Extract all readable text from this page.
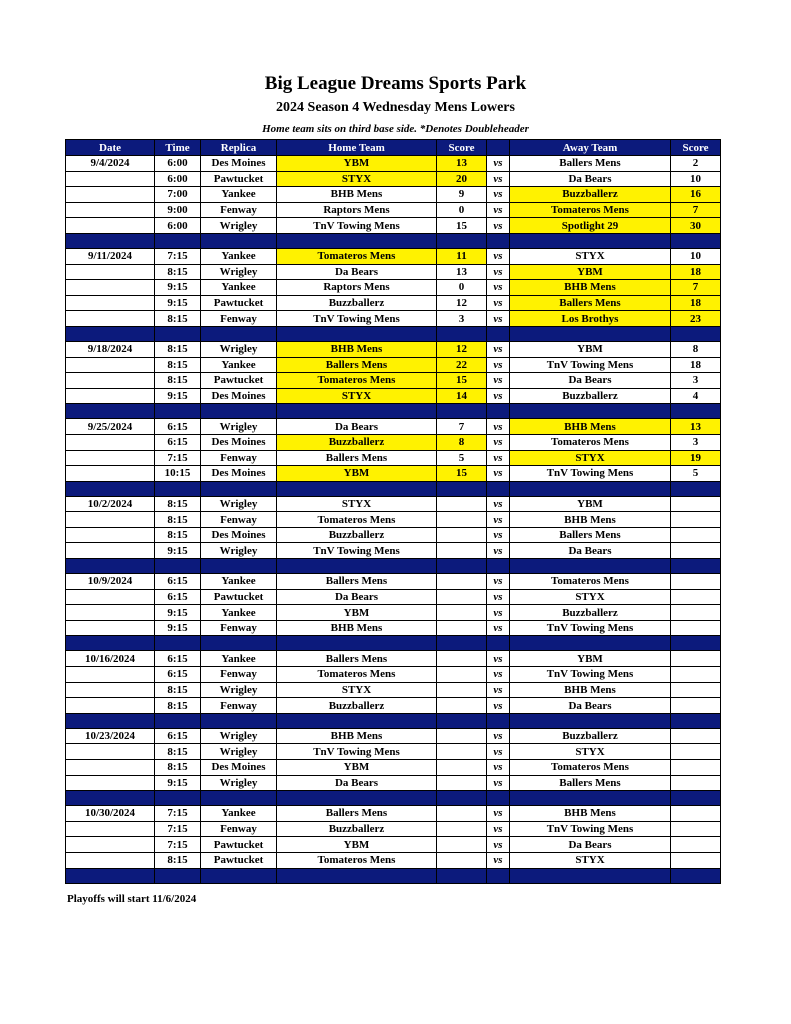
Big League Dreams Sports Park
2024 Season 4 Wednesday Mens Lowers
Home team sits on third base side. *Denotes Doubleheader
Date	Time	Replica	Home Team	Score		Away Team	Score
9/4/2024	6:00	Des Moines	YBM	13	vs	Ballers Mens	2
	6:00	Pawtucket	STYX	20	vs	Da Bears	10
	7:00	Yankee	BHB Mens	9	vs	Buzzballerz	16
	9:00	Fenway	Raptors Mens	0	vs	Tomateros Mens	7
	6:00	Wrigley	TnV Towing Mens	15	vs	Spotlight 29	30

9/11/2024	7:15	Yankee	Tomateros Mens	11	vs	STYX	10
	8:15	Wrigley	Da Bears	13	vs	YBM	18
	9:15	Yankee	Raptors Mens	0	vs	BHB Mens	7
	9:15	Pawtucket	Buzzballerz	12	vs	Ballers Mens	18
	8:15	Fenway	TnV Towing Mens	3	vs	Los Brothys	23

9/18/2024	8:15	Wrigley	BHB Mens	12	vs	YBM	8
	8:15	Yankee	Ballers Mens	22	vs	TnV Towing Mens	18
	8:15	Pawtucket	Tomateros Mens	15	vs	Da Bears	3
	9:15	Des Moines	STYX	14	vs	Buzzballerz	4

9/25/2024	6:15	Wrigley	Da Bears	7	vs	BHB Mens	13
	6:15	Des Moines	Buzzballerz	8	vs	Tomateros Mens	3
	7:15	Fenway	Ballers Mens	5	vs	STYX	19
	10:15	Des Moines	YBM	15	vs	TnV Towing Mens	5

10/2/2024	8:15	Wrigley	STYX		vs	YBM	
	8:15	Fenway	Tomateros Mens		vs	BHB Mens	
	8:15	Des Moines	Buzzballerz		vs	Ballers Mens	
	9:15	Wrigley	TnV Towing Mens		vs	Da Bears	

10/9/2024	6:15	Yankee	Ballers Mens		vs	Tomateros Mens	
	6:15	Pawtucket	Da Bears		vs	STYX	
	9:15	Yankee	YBM		vs	Buzzballerz	
	9:15	Fenway	BHB Mens		vs	TnV Towing Mens	

10/16/2024	6:15	Yankee	Ballers Mens		vs	YBM	
	6:15	Fenway	Tomateros Mens		vs	TnV Towing Mens	
	8:15	Wrigley	STYX		vs	BHB Mens	
	8:15	Fenway	Buzzballerz		vs	Da Bears	

10/23/2024	6:15	Wrigley	BHB Mens		vs	Buzzballerz	
	8:15	Wrigley	TnV Towing Mens		vs	STYX	
	8:15	Des Moines	YBM		vs	Tomateros Mens	
	9:15	Wrigley	Da Bears		vs	Ballers Mens	

10/30/2024	7:15	Yankee	Ballers Mens		vs	BHB Mens	
	7:15	Fenway	Buzzballerz		vs	TnV Towing Mens	
	7:15	Pawtucket	YBM		vs	Da Bears	
	8:15	Pawtucket	Tomateros Mens		vs	STYX	

Playoffs will start 11/6/2024
